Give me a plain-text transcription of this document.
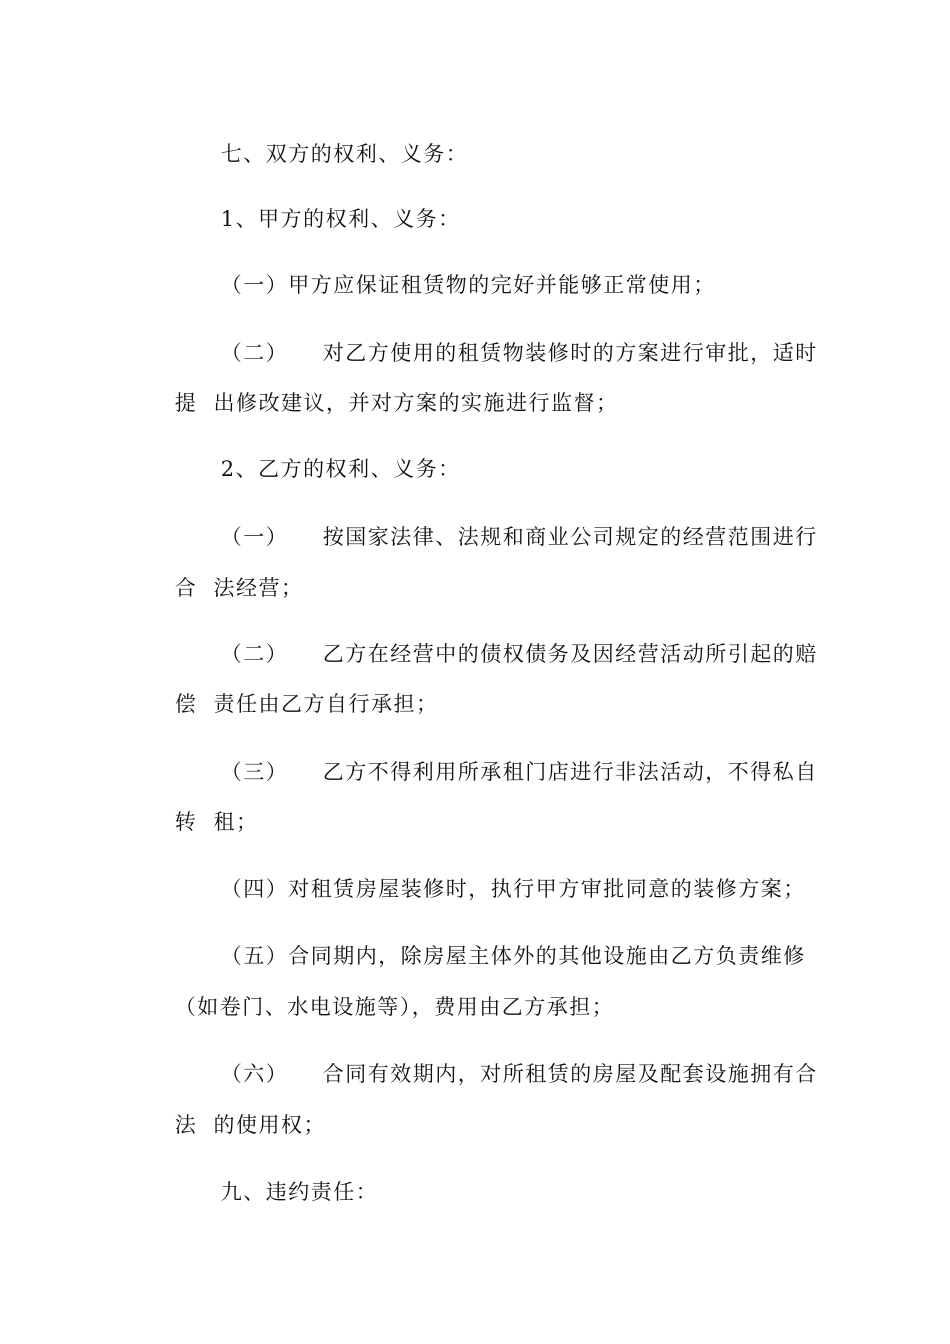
七、双方的权利、义务：

1、甲方的权利、义务：

（一）甲方应保证租赁物的完好并能够正常使用；

（二）　　对乙方使用的租赁物装修时的方案进行审批，适时

提  出修改建议，并对方案的实施进行监督；

2、乙方的权利、义务：

（一）　　按国家法律、法规和商业公司规定的经营范围进行

合  法经营；

（二）　　乙方在经营中的债权债务及因经营活动所引起的赔

偿  责任由乙方自行承担；

（三）　　乙方不得利用所承租门店进行非法活动，不得私自

转  租；

（四）对租赁房屋装修时，执行甲方审批同意的装修方案；

（五）合同期内，除房屋主体外的其他设施由乙方负责维修

（如卷门、水电设施等），费用由乙方承担；

（六）　　合同有效期内，对所租赁的房屋及配套设施拥有合

法  的使用权；

九、违约责任：
